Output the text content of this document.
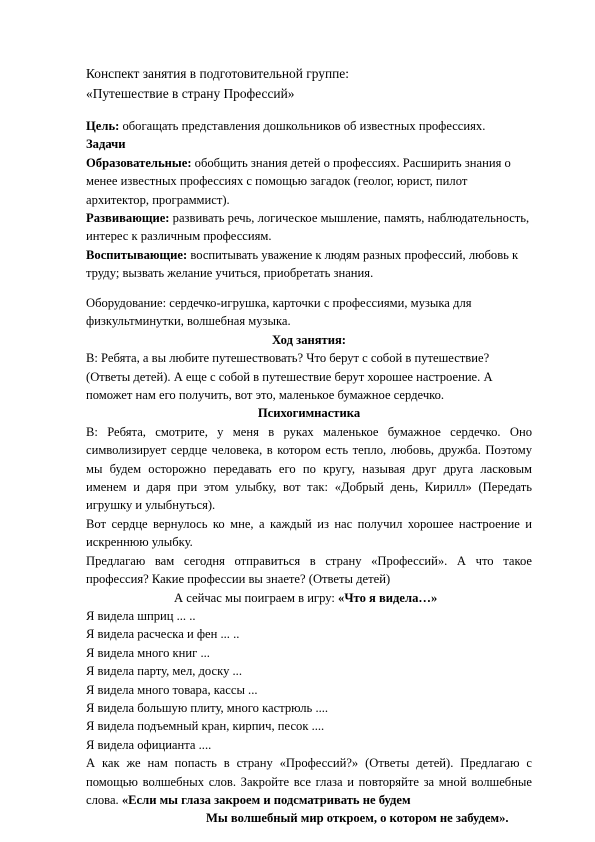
Конспект занятия в подготовительной группе:
«Путешествие в страну Профессий»

Цель: обогащать представления дошкольников об известных профессиях.

Задачи

Образовательные: обобщить знания детей о профессиях. Расширить знания о менее известных профессиях с помощью загадок (геолог, юрист, пилот архитектор, программист).

Развивающие: развивать речь, логическое мышление, память, наблюдательность, интерес к различным профессиям.

Воспитывающие: воспитывать уважение к людям разных профессий, любовь к труду; вызвать желание учиться, приобретать знания.

Оборудование: сердечко-игрушка, карточки с профессиями, музыка для физкультминутки, волшебная музыка.

Ход занятия:

В: Ребята, а вы любите путешествовать? Что берут с собой в путешествие? (Ответы детей). А еще с собой в путешествие берут хорошее настроение. А поможет нам его получить, вот это, маленькое бумажное сердечко.

Психогимнастика

В: Ребята, смотрите, у меня в руках маленькое бумажное сердечко. Оно символизирует сердце человека, в котором есть тепло, любовь, дружба. Поэтому мы будем осторожно передавать его по кругу, называя друг друга ласковым именем и даря при этом улыбку, вот так: «Добрый день, Кирилл» (Передать игрушку и улыбнуться).

Вот сердце вернулось ко мне, а каждый из нас получил хорошее настроение и искреннюю улыбку.

Предлагаю вам сегодня отправиться в страну «Профессий». А что такое профессия? Какие профессии вы знаете? (Ответы детей)

А сейчас мы поиграем в игру: «Что я видела…»

Я видела шприц ... ..

Я видела расческа и фен ... ..

Я видела много книг ...

Я видела парту, мел, доску ...

Я видела много товара, кассы ...

Я видела большую плиту, много кастрюль ....

Я видела подъемный кран, кирпич, песок ....

Я видела официанта ....

А как же нам попасть в страну «Профессий?» (Ответы детей). Предлагаю с помощью волшебных слов. Закройте все глаза и повторяйте за мной волшебные слова. «Если мы глаза закроем и подсматривать не будем

Мы волшебный мир откроем, о котором не забудем».
